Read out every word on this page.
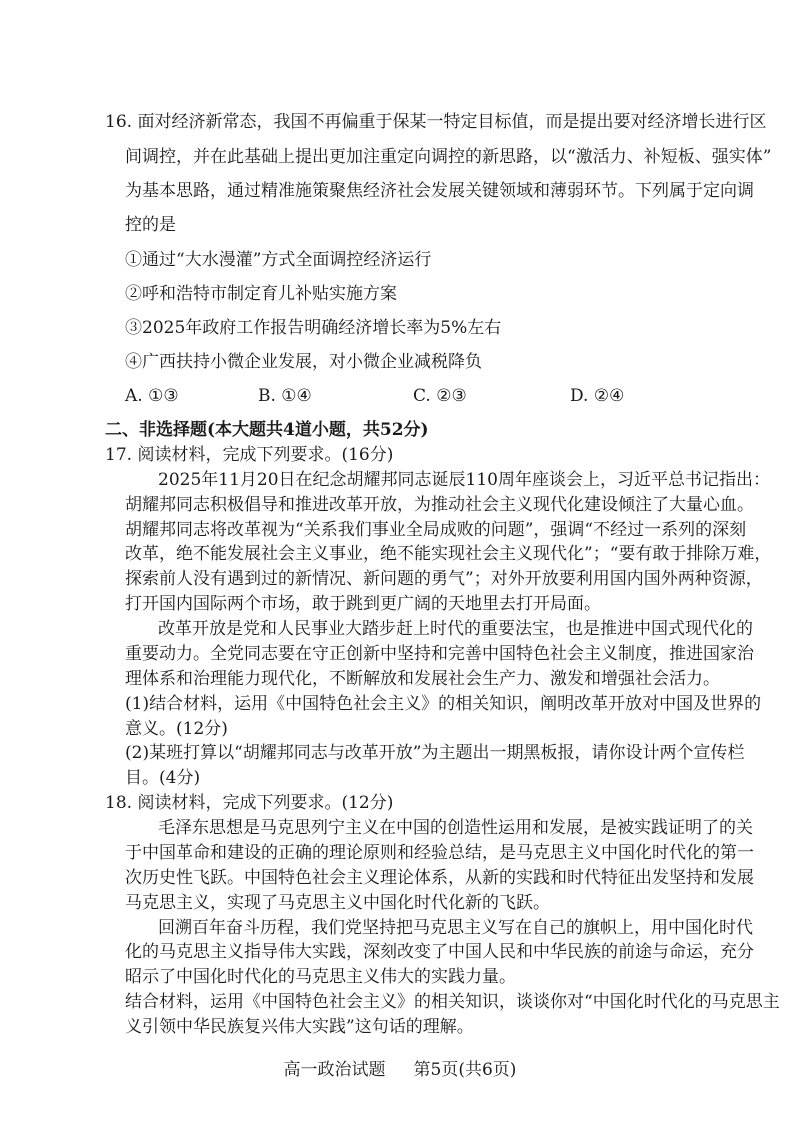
16. 面对经济新常态，我国不再偏重于保某一特定目标值，而是提出要对经济增长进行区
间调控，并在此基础上提出更加注重定向调控的新思路，以“激活力、补短板、强实体”
为基本思路，通过精准施策聚焦经济社会发展关键领域和薄弱环节。下列属于定向调
控的是
①通过“大水漫灌”方式全面调控经济运行
②呼和浩特市制定育儿补贴实施方案
③2025年政府工作报告明确经济增长率为5%左右
④广西扶持小微企业发展，对小微企业减税降负
A. ①③	B. ①④	C. ②③	D. ②④
高一政治试题 第5页(共6页)
二、非选择题(本大题共4道小题，共52分)
17. 阅读材料，完成下列要求。(16分)
2025年11月20日在纪念胡耀邦同志诞辰110周年座谈会上，习近平总书记指出：
胡耀邦同志积极倡导和推进改革开放，为推动社会主义现代化建设倾注了大量心血。
胡耀邦同志将改革视为“关系我们事业全局成败的问题”，强调“不经过一系列的深刻
改革，绝不能发展社会主义事业，绝不能实现社会主义现代化”；“要有敢于排除万难，
探索前人没有遇到过的新情况、新问题的勇气”；对外开放要利用国内国外两种资源，
打开国内国际两个市场，敢于跳到更广阔的天地里去打开局面。
改革开放是党和人民事业大踏步赶上时代的重要法宝，也是推进中国式现代化的
重要动力。全党同志要在守正创新中坚持和完善中国特色社会主义制度，推进国家治
理体系和治理能力现代化，不断解放和发展社会生产力、激发和增强社会活力。
(1)结合材料，运用《中国特色社会主义》的相关知识，阐明改革开放对中国及世界的
意义。(12分)
(2)某班打算以“胡耀邦同志与改革开放”为主题出一期黑板报，请你设计两个宣传栏
目。(4分)
18. 阅读材料，完成下列要求。(12分)
毛泽东思想是马克思列宁主义在中国的创造性运用和发展，是被实践证明了的关
于中国革命和建设的正确的理论原则和经验总结，是马克思主义中国化时代化的第一
次历史性飞跃。中国特色社会主义理论体系，从新的实践和时代特征出发坚持和发展
马克思主义，实现了马克思主义中国化时代化新的飞跃。
回溯百年奋斗历程，我们党坚持把马克思主义写在自己的旗帜上，用中国化时代
化的马克思主义指导伟大实践，深刻改变了中国人民和中华民族的前途与命运，充分
昭示了中国化时代化的马克思主义伟大的实践力量。
结合材料，运用《中国特色社会主义》的相关知识，谈谈你对“中国化时代化的马克思主
义引领中华民族复兴伟大实践”这句话的理解。
